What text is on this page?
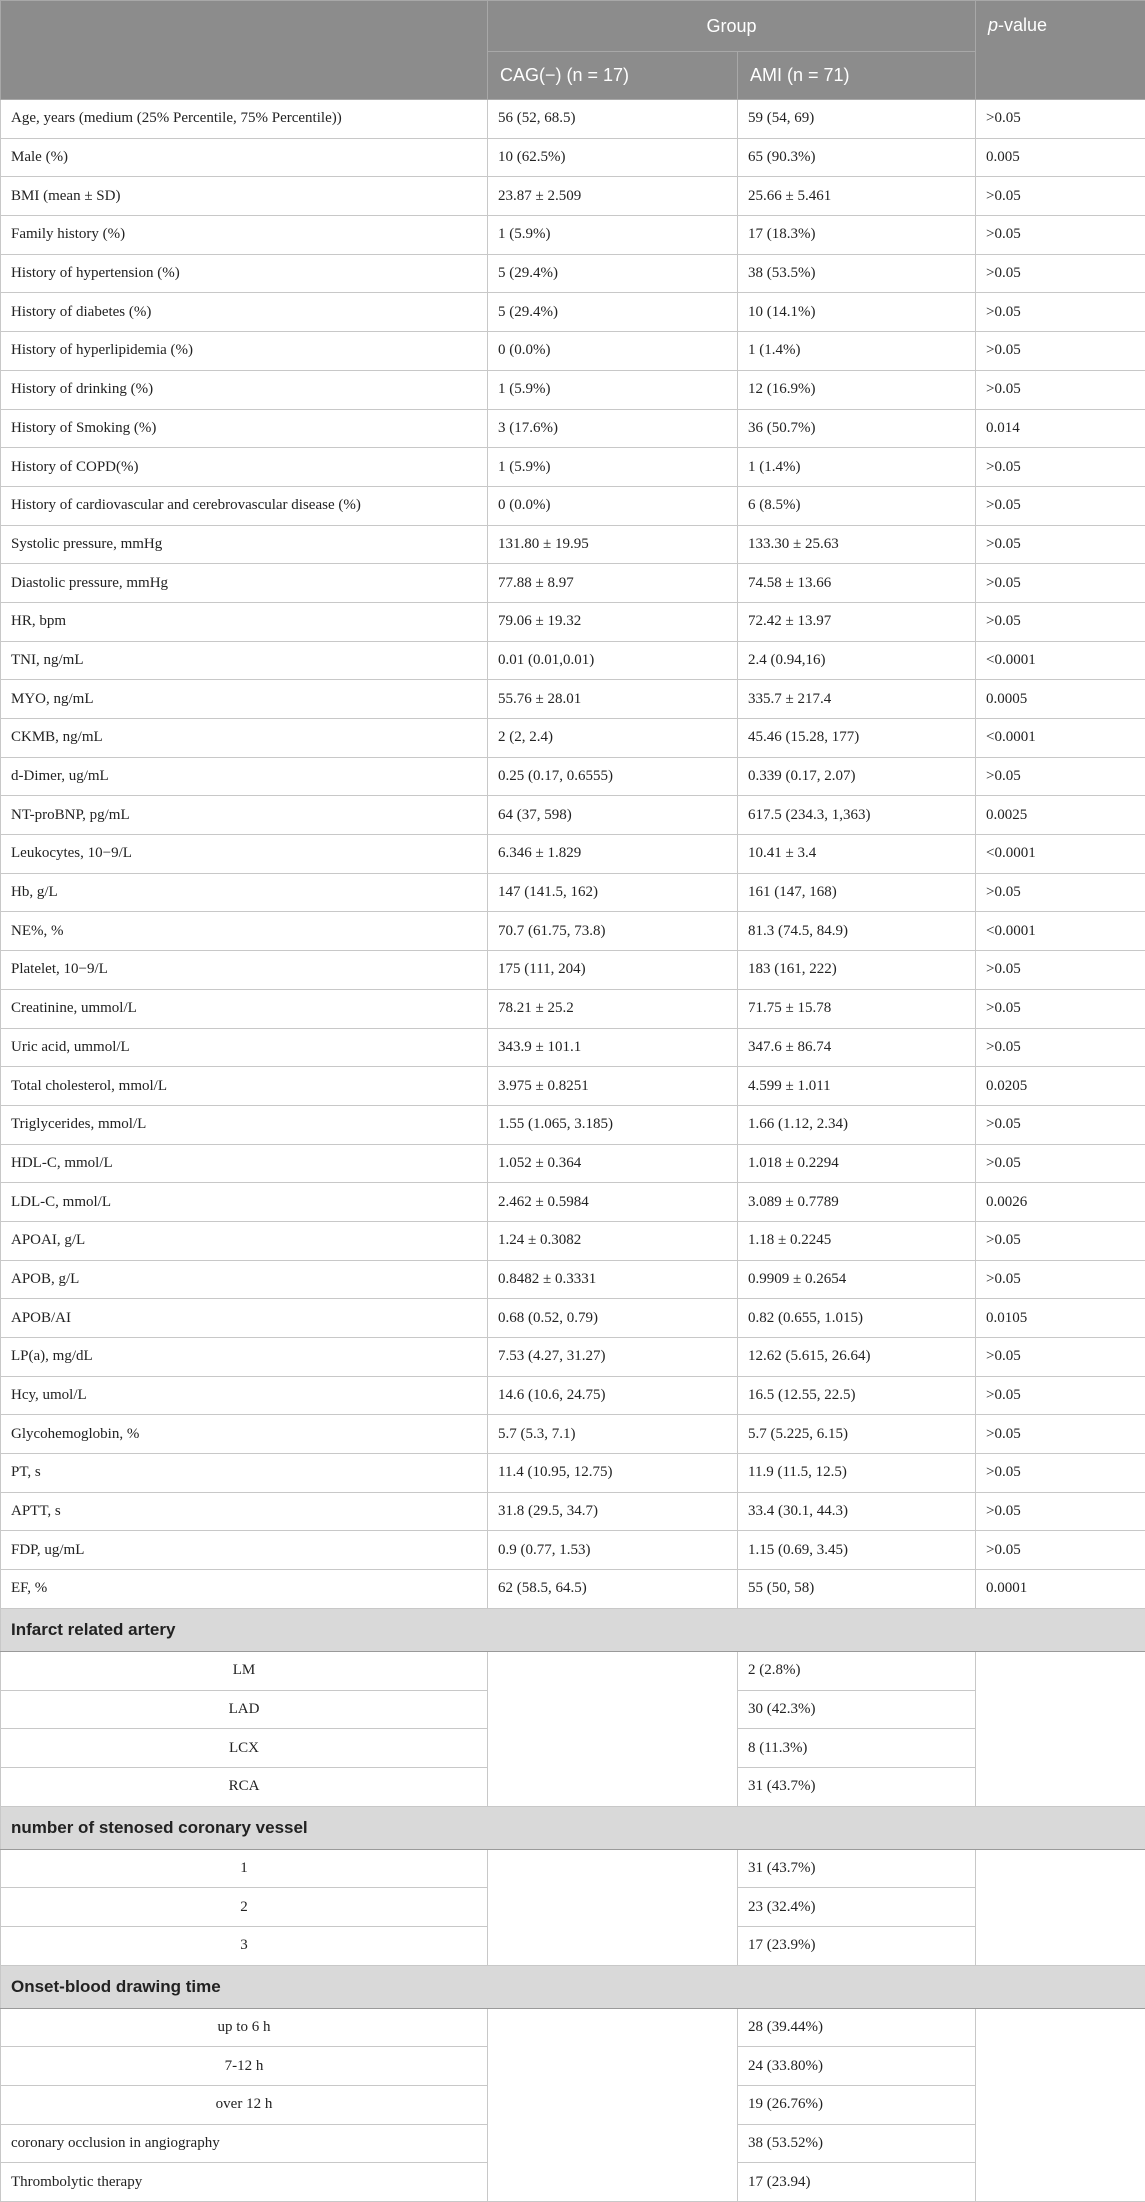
	Group		p-value
	CAG(−) (n = 17)	AMI (n = 71)	
Age, years (medium (25% Percentile, 75% Percentile))	56 (52, 68.5)	59 (54, 69)	>0.05
Male (%)	10 (62.5%)	65 (90.3%)	0.005
BMI (mean ± SD)	23.87 ± 2.509	25.66 ± 5.461	>0.05
Family history (%)	1 (5.9%)	17 (18.3%)	>0.05
History of hypertension (%)	5 (29.4%)	38 (53.5%)	>0.05
History of diabetes (%)	5 (29.4%)	10 (14.1%)	>0.05
History of hyperlipidemia (%)	0 (0.0%)	1 (1.4%)	>0.05
History of drinking (%)	1 (5.9%)	12 (16.9%)	>0.05
History of Smoking (%)	3 (17.6%)	36 (50.7%)	0.014
History of COPD(%)	1 (5.9%)	1 (1.4%)	>0.05
History of cardiovascular and cerebrovascular disease (%)	0 (0.0%)	6 (8.5%)	>0.05
Systolic pressure, mmHg	131.80 ± 19.95	133.30 ± 25.63	>0.05
Diastolic pressure, mmHg	77.88 ± 8.97	74.58 ± 13.66	>0.05
HR, bpm	79.06 ± 19.32	72.42 ± 13.97	>0.05
TNI, ng/mL	0.01 (0.01,0.01)	2.4 (0.94,16)	<0.0001
MYO, ng/mL	55.76 ± 28.01	335.7 ± 217.4	0.0005
CKMB, ng/mL	2 (2, 2.4)	45.46 (15.28, 177)	<0.0001
d-Dimer, ug/mL	0.25 (0.17, 0.6555)	0.339 (0.17, 2.07)	>0.05
NT-proBNP, pg/mL	64 (37, 598)	617.5 (234.3, 1,363)	0.0025
Leukocytes, 10−9/L	6.346 ± 1.829	10.41 ± 3.4	<0.0001
Hb, g/L	147 (141.5, 162)	161 (147, 168)	>0.05
NE%, %	70.7 (61.75, 73.8)	81.3 (74.5, 84.9)	<0.0001
Platelet, 10−9/L	175 (111, 204)	183 (161, 222)	>0.05
Creatinine, ummol/L	78.21 ± 25.2	71.75 ± 15.78	>0.05
Uric acid, ummol/L	343.9 ± 101.1	347.6 ± 86.74	>0.05
Total cholesterol, mmol/L	3.975 ± 0.8251	4.599 ± 1.011	0.0205
Triglycerides, mmol/L	1.55 (1.065, 3.185)	1.66 (1.12, 2.34)	>0.05
HDL-C, mmol/L	1.052 ± 0.364	1.018 ± 0.2294	>0.05
LDL-C, mmol/L	2.462 ± 0.5984	3.089 ± 0.7789	0.0026
APOAI, g/L	1.24 ± 0.3082	1.18 ± 0.2245	>0.05
APOB, g/L	0.8482 ± 0.3331	0.9909 ± 0.2654	>0.05
APOB/AI	0.68 (0.52, 0.79)	0.82 (0.655, 1.015)	0.0105
LP(a), mg/dL	7.53 (4.27, 31.27)	12.62 (5.615, 26.64)	>0.05
Hcy, umol/L	14.6 (10.6, 24.75)	16.5 (12.55, 22.5)	>0.05
Glycohemoglobin, %	5.7 (5.3, 7.1)	5.7 (5.225, 6.15)	>0.05
PT, s	11.4 (10.95, 12.75)	11.9 (11.5, 12.5)	>0.05
APTT, s	31.8 (29.5, 34.7)	33.4 (30.1, 44.3)	>0.05
FDP, ug/mL	0.9 (0.77, 1.53)	1.15 (0.69, 3.45)	>0.05
EF, %	62 (58.5, 64.5)	55 (50, 58)	0.0001
Infarct related artery			
LM		2 (2.8%)	
LAD		30 (42.3%)	
LCX		8 (11.3%)	
RCA		31 (43.7%)	
number of stenosed coronary vessel			
1		31 (43.7%)	
2		23 (32.4%)	
3		17 (23.9%)	
Onset-blood drawing time			
up to 6 h		28 (39.44%)	
7-12 h		24 (33.80%)	
over 12 h		19 (26.76%)	
coronary occlusion in angiography		38 (53.52%)	
Thrombolytic therapy		17 (23.94)	
